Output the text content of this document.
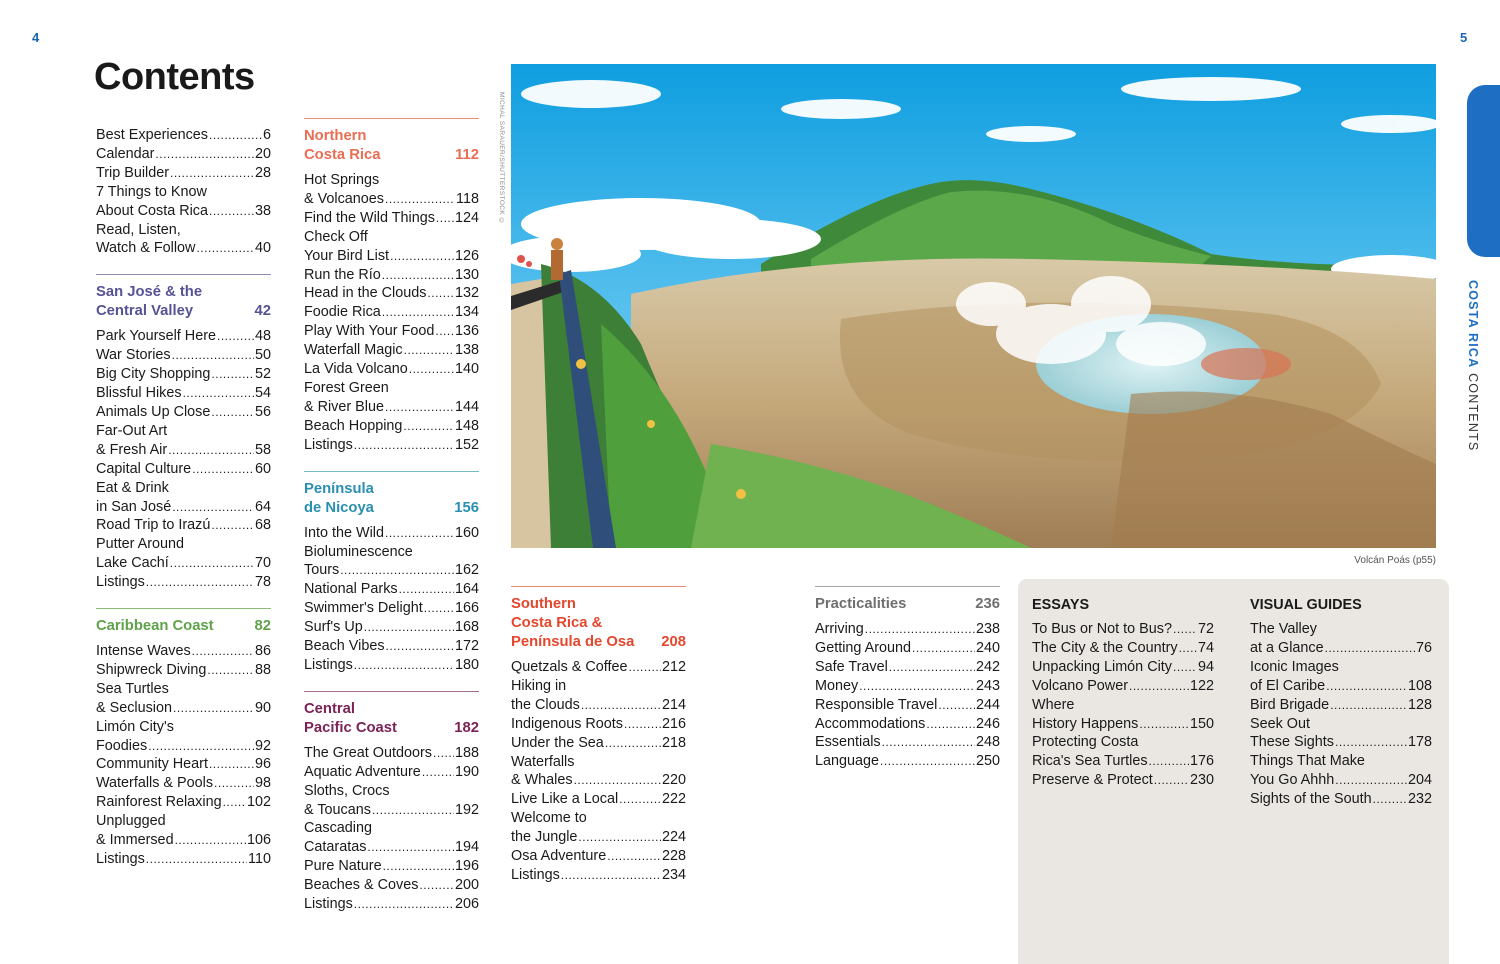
4	5
Contents
Best Experiences .....	6
Calendar .....	20
Trip Builder .....	28
7 Things to Know
About Costa Rica .....	38
Read, Listen,
Watch & Follow .....	40
San José & the
Central Valley	42
Park Yourself Here .....	48
War Stories .....	50
Big City Shopping .....	52
Blissful Hikes .....	54
Animals Up Close .....	56
Far-Out Art
& Fresh Air .....	58
Capital Culture .....	60
Eat & Drink
in San José .....	64
Road Trip to Irazú .....	68
Putter Around
Lake Cachí .....	70
Listings .....	78
Caribbean Coast	82
Intense Waves .....	86
Shipwreck Diving .....	88
Sea Turtles
& Seclusion .....	90
Limón City's
Foodies .....	92
Community Heart .....	96
Waterfalls & Pools .....	98
Rainforest Relaxing ..... 102
Unplugged
& Immersed .....	106
Listings .....	110
Northern
Costa Rica	112
Hot Springs
& Volcanoes .....	118
Find the Wild Things ..... 124
Check Off
Your Bird List .....	126
Run the Río .....	130
Head in the Clouds ..... 132
Foodie Rica .....	134
Play With Your Food ..... 136
Waterfall Magic .....	138
La Vida Volcano .....	140
Forest Green
& River Blue .....	144
Beach Hopping .....	148
Listings .....	152
Península
de Nicoya	156
Into the Wild .....	160
Bioluminescence
Tours .....	162
National Parks .....	164
Swimmer's Delight ..... 166
Surf's Up .....	168
Beach Vibes .....	172
Listings .....	180
Central
Pacific Coast	182
The Great Outdoors ..... 188
Aquatic Adventure ..... 190
Sloths, Crocs
& Toucans .....	192
Cascading
Cataratas .....	194
Pure Nature .....	196
Beaches & Coves .....	200
Listings .....	206
Southern
Costa Rica &
Península de Osa 208
Quetzals & Coffee ..... 212
Hiking in
the Clouds .....	214
Indigenous Roots .....	216
Under the Sea .....	218
Waterfalls
& Whales .....	220
Live Like a Local .....	222
Welcome to
the Jungle .....	224
Osa Adventure .....	228
Listings .....	234
Practicalities	236
Arriving .....	238
Getting Around .....	240
Safe Travel .....	242
Money .....	243
Responsible Travel .....	244
Accommodations .....	246
Essentials .....	248
Language .....	250
ESSAYS
To Bus or Not to Bus? ..... 72
The City & the Country ..... 74
Unpacking Limón City ..... 94
Volcano Power .....	122
Where
History Happens .....	150
Protecting Costa
Rica's Sea Turtles .....	176
Preserve & Protect .....	230
VISUAL GUIDES
The Valley
at a Glance .....	76
Iconic Images
of El Caribe .....	108
Bird Brigade .....	128
Seek Out
These Sights .....	178
Things That Make
You Go Ahhh .....	204
Sights of the South .....	232
MICHAL SARAUER/SHUTTERSTOCK ©
Volcán Poás (p55)
COSTA RICA CONTENTS
